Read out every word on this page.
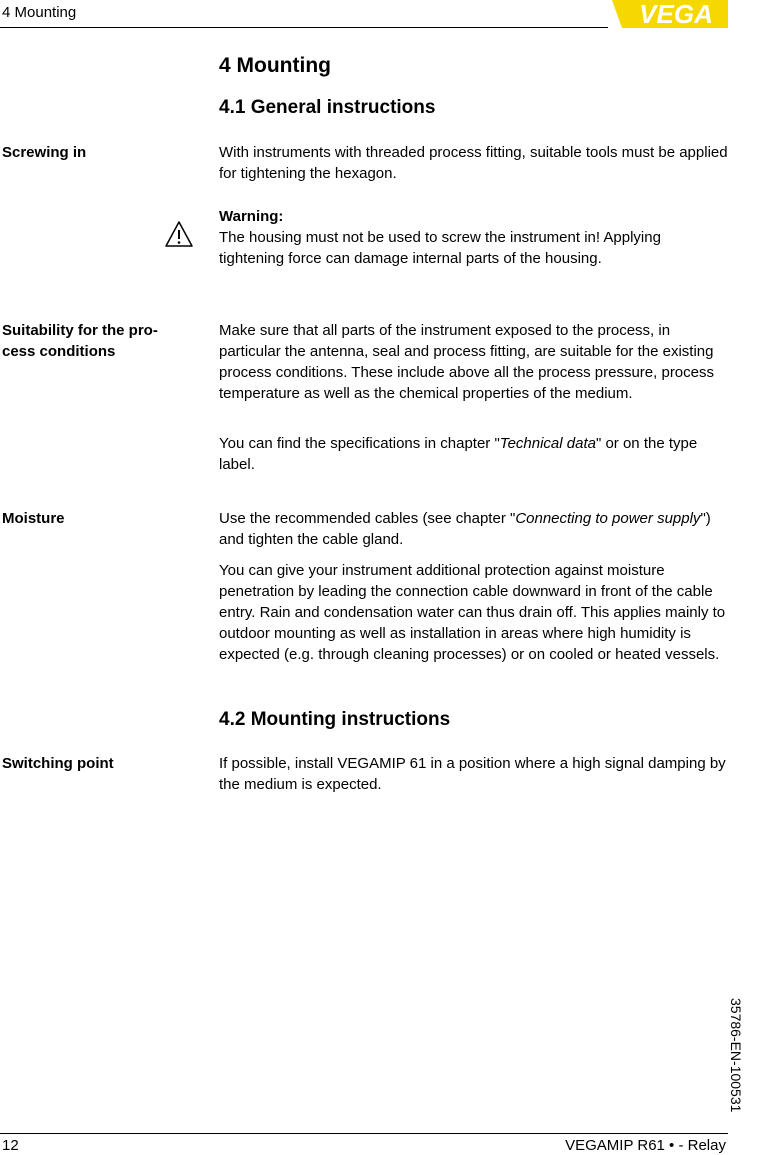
4 Mounting	VEGA
4 Mounting
4.1 General instructions
Screwing in	With instruments with threaded process fitting, suitable tools must be applied for tightening the hexagon.

Warning:
The housing must not be used to screw the instrument in! Applying tightening force can damage internal parts of the housing.

Suitability for the pro-
cess conditions

Make sure that all parts of the instrument exposed to the process, in particular the antenna, seal and process fitting, are suitable for the existing process conditions. These include above all the process pressure, process temperature as well as the chemical properties of the medium.

You can find the specifications in chapter "Technical data" or on the type label.

Moisture	Use the recommended cables (see chapter "Connecting to power supply") and tighten the cable gland.

You can give your instrument additional protection against moisture penetration by leading the connection cable downward in front of the cable entry. Rain and condensation water can thus drain off. This applies mainly to outdoor mounting as well as installation in areas where high humidity is expected (e.g. through cleaning processes) or on cooled or heated vessels.

4.2 Mounting instructions
Switching point	If possible, install VEGAMIP 61 in a position where a high signal damping by the medium is expected.

35786-EN-100531
12	VEGAMIP R61 • - Relay
